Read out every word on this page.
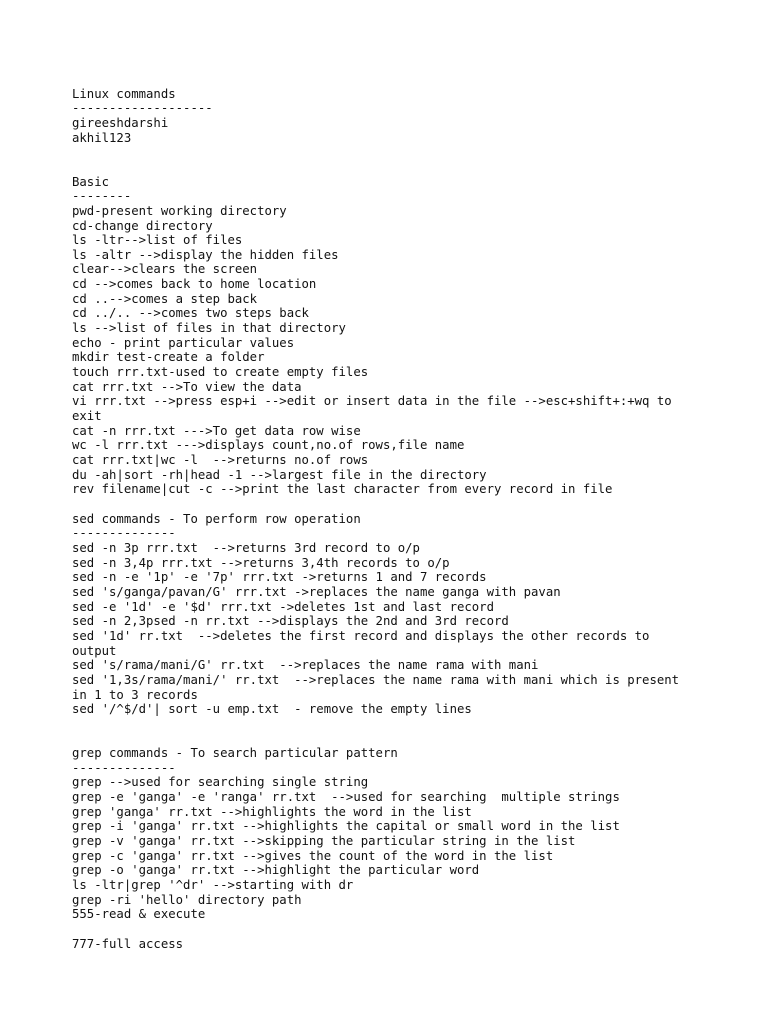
Linux commands
-------------------
gireeshdarshi
akhil123
Basic
--------
pwd-present working directory
cd-change directory
ls -ltr-->list of files
ls -altr -->display the hidden files
clear-->clears the screen
cd -->comes back to home location
cd ..-->comes a step back
cd ../.. -->comes two steps back
ls -->list of files in that directory
echo - print particular values
mkdir test-create a folder
touch rrr.txt-used to create empty files
cat rrr.txt -->To view the data
vi rrr.txt -->press esp+i -->edit or insert data in the file -->esc+shift+:+wq to
exit
cat -n rrr.txt --->To get data row wise
wc -l rrr.txt --->displays count,no.of rows,file name
cat rrr.txt|wc -l  -->returns no.of rows
du -ah|sort -rh|head -1 -->largest file in the directory
rev filename|cut -c -->print the last character from every record in file
sed commands - To perform row operation
--------------
sed -n 3p rrr.txt  -->returns 3rd record to o/p
sed -n 3,4p rrr.txt -->returns 3,4th records to o/p
sed -n -e '1p' -e '7p' rrr.txt ->returns 1 and 7 records
sed 's/ganga/pavan/G' rrr.txt ->replaces the name ganga with pavan
sed -e '1d' -e '$d' rrr.txt ->deletes 1st and last record
sed -n 2,3psed -n rr.txt -->displays the 2nd and 3rd record
sed '1d' rr.txt  -->deletes the first record and displays the other records to
output
sed 's/rama/mani/G' rr.txt  -->replaces the name rama with mani
sed '1,3s/rama/mani/' rr.txt  -->replaces the name rama with mani which is present
in 1 to 3 records
sed '/^$/d'| sort -u emp.txt  - remove the empty lines
grep commands - To search particular pattern
--------------
grep -->used for searching single string
grep -e 'ganga' -e 'ranga' rr.txt  -->used for searching  multiple strings
grep 'ganga' rr.txt -->highlights the word in the list
grep -i 'ganga' rr.txt -->highlights the capital or small word in the list
grep -v 'ganga' rr.txt -->skipping the particular string in the list
grep -c 'ganga' rr.txt -->gives the count of the word in the list
grep -o 'ganga' rr.txt -->highlight the particular word
ls -ltr|grep '^dr' -->starting with dr
grep -ri 'hello' directory path
555-read & execute
777-full access
